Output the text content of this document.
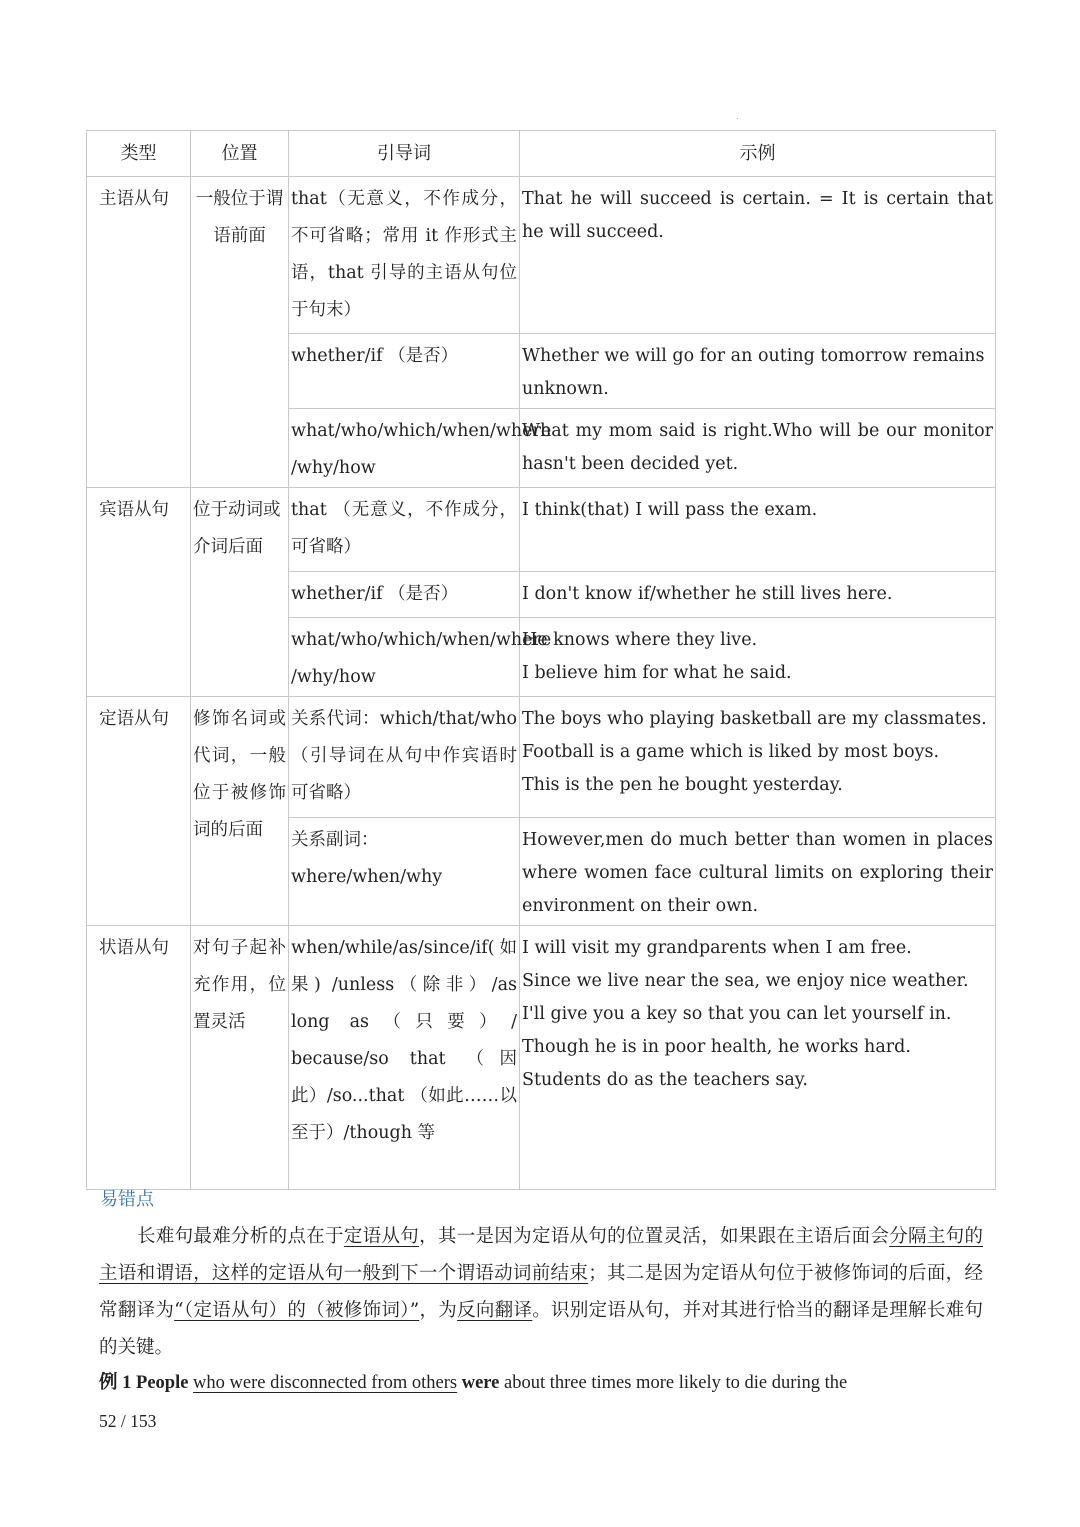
.
类型	位置	引导词	示例
主语从句	一般位于谓语前面	that（无意义，不作成分，不可省略；常用 it 作形式主语，that 引导的主语从句位于句末）	That he will succeed is certain. = It is certain that he will succeed.

		whether/if （是否）	Whether we will go for an outing tomorrow remains unknown.

		what/who/which/when/where /why/how	What my mom said is right.Who will be our monitor hasn't been decided yet.

宾语从句	位于动词或介词后面	that （无意义，不作成分，可省略）	I think(that) I will pass the exam.

		whether/if （是否）	I don't know if/whether he still lives here.

		what/who/which/when/where /why/how	He knows where they live.
I believe him for what he said.

定语从句	修饰名词或代词，一般位于被修饰词的后面	关系代词：which/that/who（引导词在从句中作宾语时可省略）	The boys who playing basketball are my classmates.
Football is a game which is liked by most boys.
This is the pen he bought yesterday.

		关系副词：where/when/why	However,men do much better than women in places where women face cultural limits on exploring their environment on their own.

状语从句	对句子起补充作用，位置灵活	when/while/as/since/if(如果) /unless（除非）/as long as（只要）/ because/so that （因此）/so...that （如此……以至于）/though 等	I will visit my grandparents when I am free.
Since we live near the sea, we enjoy nice weather.
I'll give you a key so that you can let yourself in.
Though he is in poor health, he works hard.
Students do as the teachers say.
易错点
长难句最难分析的点在于定语从句，其一是因为定语从句的位置灵活，如果跟在主语后面会分隔主句的主语和谓语，这样的定语从句一般到下一个谓语动词前结束；其二是因为定语从句位于被修饰词的后面，经常翻译为“（定语从句）的（被修饰词）”，为反向翻译。识别定语从句，并对其进行恰当的翻译是理解长难句的关键。
例 1 People who were disconnected from others were about three times more likely to die during the
52 / 153
